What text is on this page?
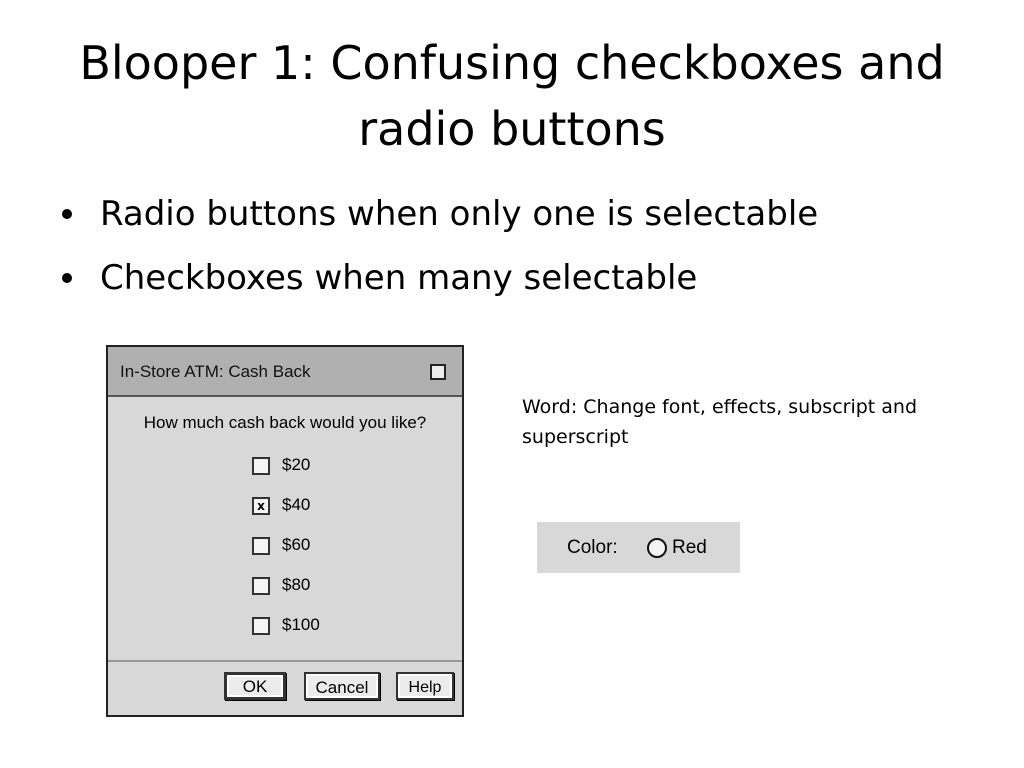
Blooper 1: Confusing checkboxes and radio buttons
Radio buttons when only one is selectable
Checkboxes when many selectable
In-Store ATM: Cash Back
How much cash back would you like?
$20
x	$40
$60
$80
$100
OK	Cancel	Help
Word: Change font, effects, subscript and superscript
Color:	Red
